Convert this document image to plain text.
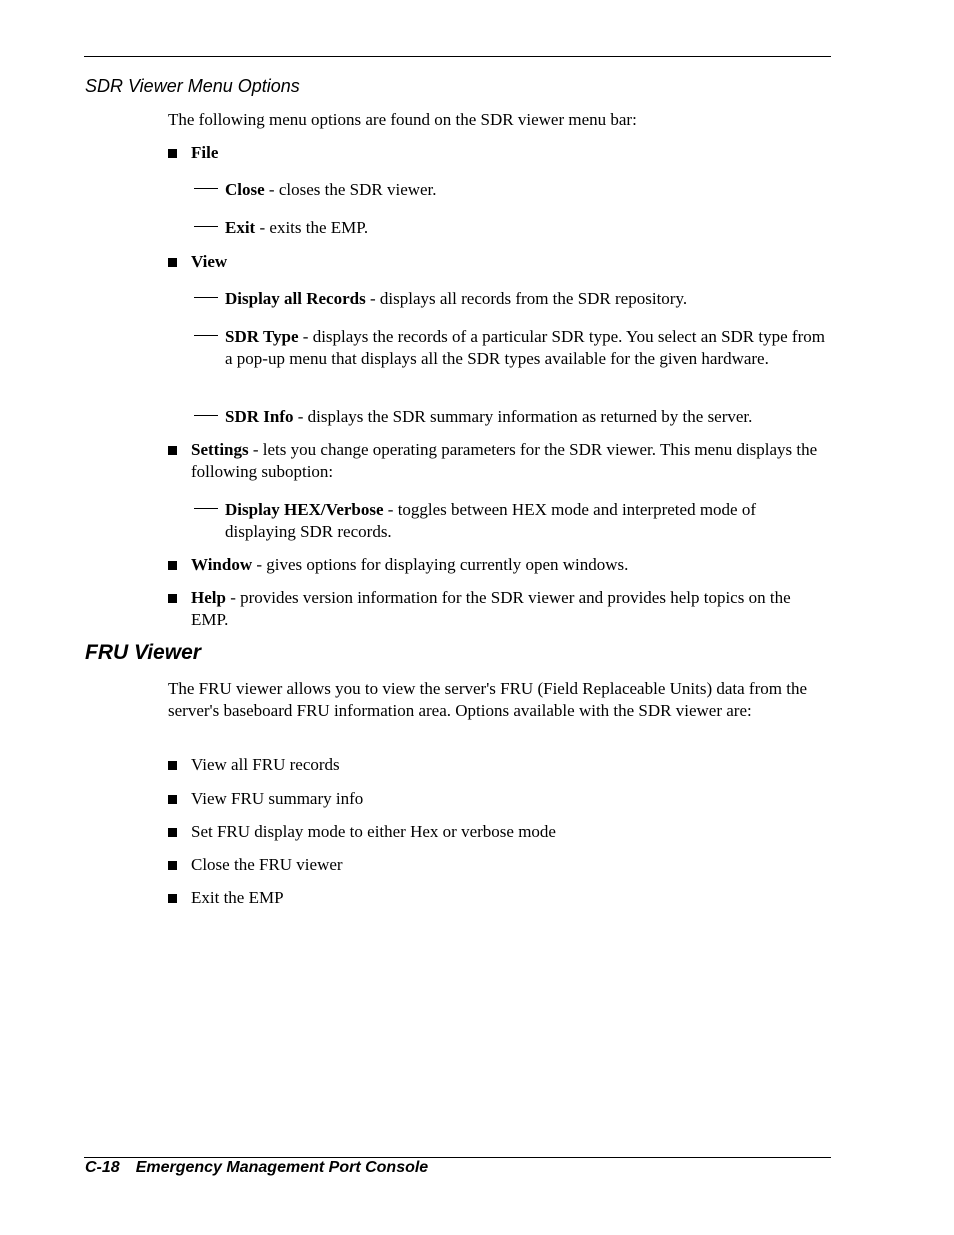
SDR Viewer Menu Options
The following menu options are found on the SDR viewer menu bar:
File
Close - closes the SDR viewer.
Exit - exits the EMP.
View
Display all Records - displays all records from the SDR repository.
SDR Type - displays the records of a particular SDR type. You select an SDR type from a pop-up menu that displays all the SDR types available for the given hardware.
SDR Info - displays the SDR summary information as returned by the server.
Settings - lets you change operating parameters for the SDR viewer. This menu displays the following suboption:
Display HEX/Verbose - toggles between HEX mode and interpreted mode of displaying SDR records.
Window - gives options for displaying currently open windows.
Help - provides version information for the SDR viewer and provides help topics on the EMP.
FRU Viewer
The FRU viewer allows you to view the server's FRU (Field Replaceable Units) data from the server's baseboard FRU information area. Options available with the SDR viewer are:
View all FRU records
View FRU summary info
Set FRU display mode to either Hex or verbose mode
Close the FRU viewer
Exit the EMP
C-18 Emergency Management Port Console
